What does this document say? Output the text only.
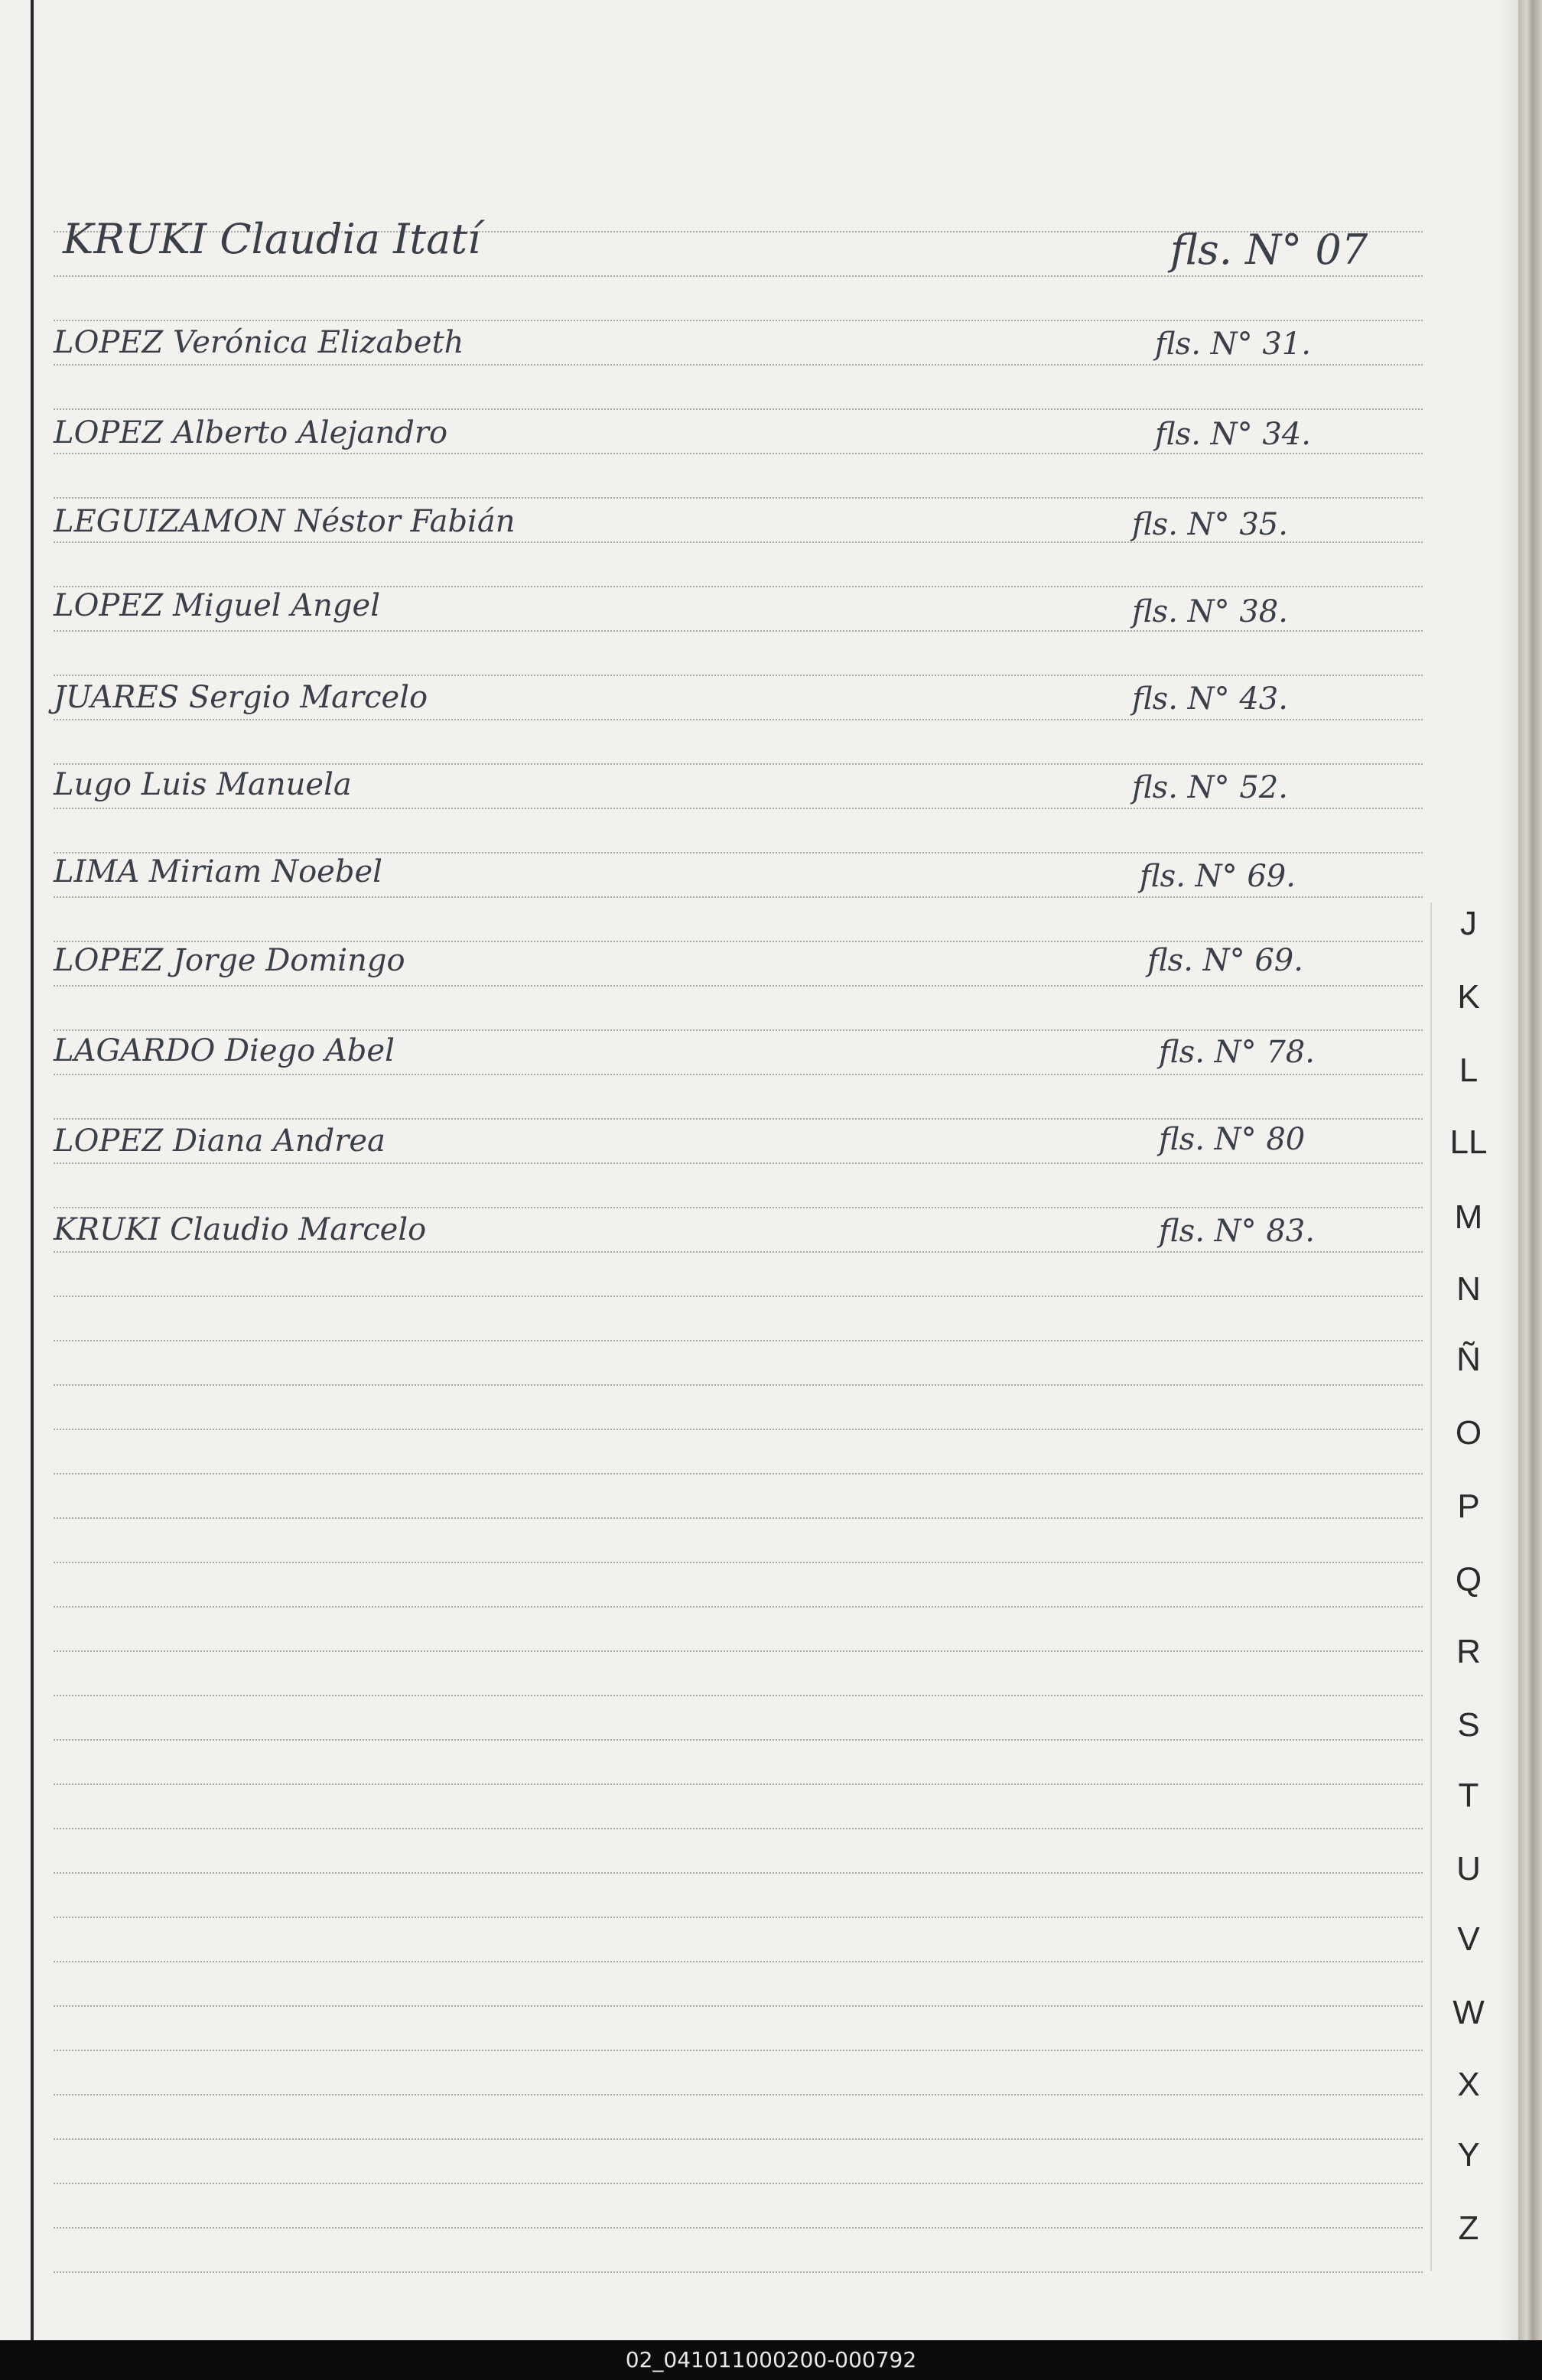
KRUKI Claudia Itatí	fls. N° 07
LOPEZ Verónica Elizabeth	fls. N° 31.
LOPEZ Alberto Alejandro	fls. N° 34.
LEGUIZAMON Néstor Fabián	fls. N° 35.
LOPEZ Miguel Angel	fls. N° 38.
JUARES Sergio Marcelo	fls. N° 43.
Lugo Luis Manuela	fls. N° 52.
LIMA Miriam Noebel	fls. N° 69.
LOPEZ Jorge Domingo	fls. N° 69.
LAGARDO Diego Abel	fls. N° 78.
LOPEZ Diana Andrea	fls. N° 80
KRUKI Claudio Marcelo	fls. N° 83.
J
K
L
LL
M
N
Ñ
O
P
Q
R
S
T
U
V
W
X
Y
Z
02_041011000200-000792
